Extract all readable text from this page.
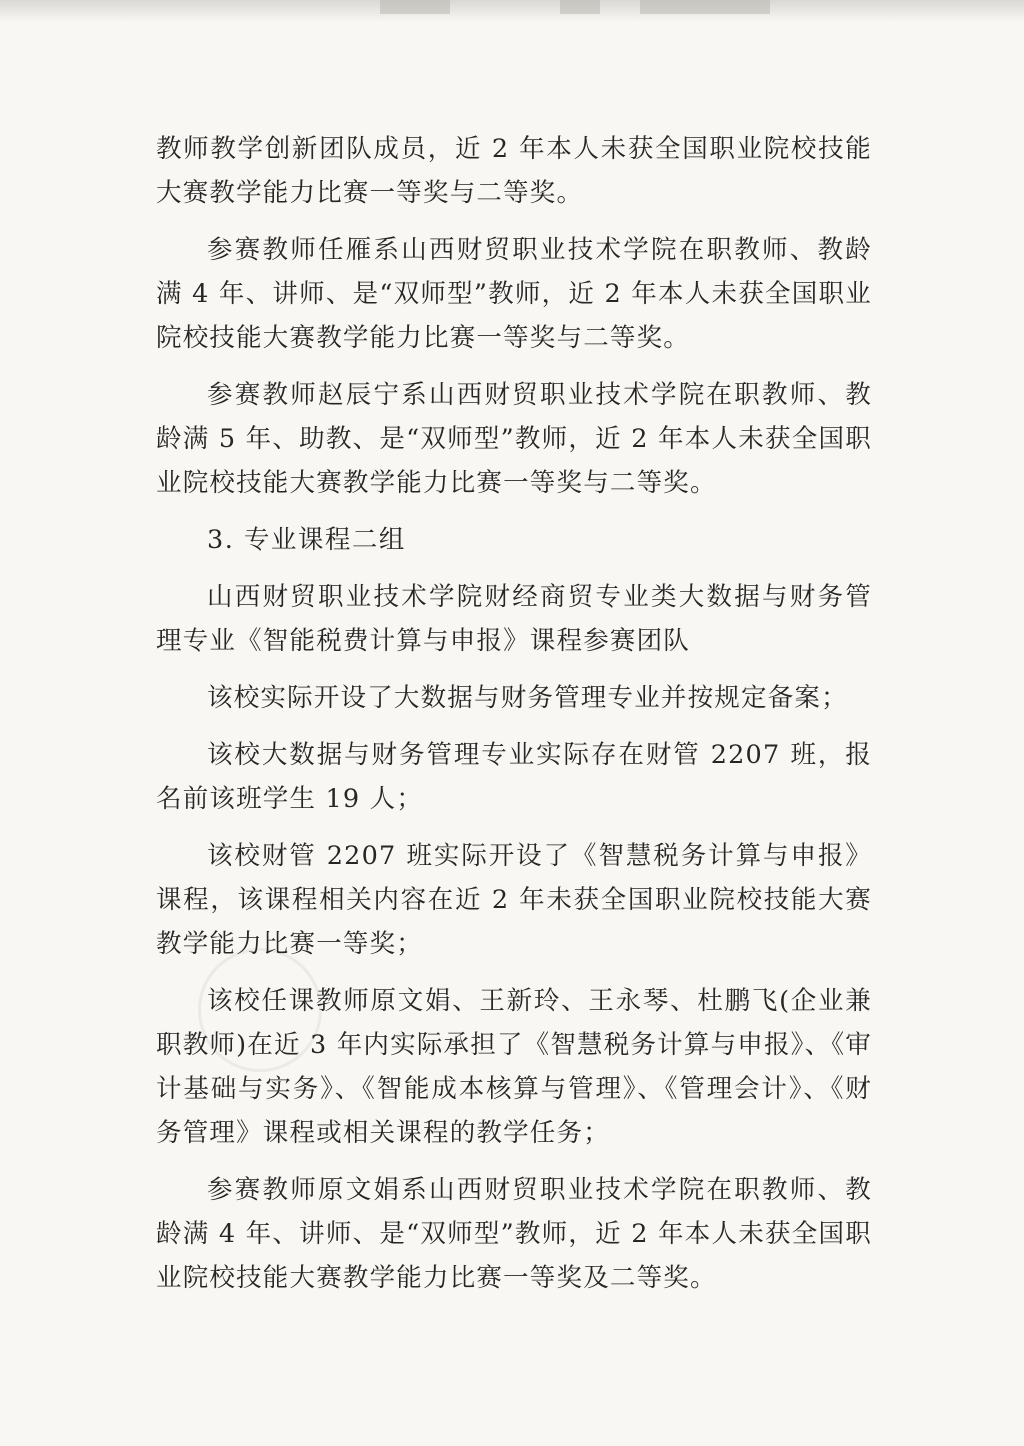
教师教学创新团队成员，近 2 年本人未获全国职业院校技能大赛教学能力比赛一等奖与二等奖。

参赛教师任雁系山西财贸职业技术学院在职教师、教龄满 4 年、讲师、是“双师型”教师，近 2 年本人未获全国职业院校技能大赛教学能力比赛一等奖与二等奖。

参赛教师赵辰宁系山西财贸职业技术学院在职教师、教龄满 5 年、助教、是“双师型”教师，近 2 年本人未获全国职业院校技能大赛教学能力比赛一等奖与二等奖。

3. 专业课程二组

山西财贸职业技术学院财经商贸专业类大数据与财务管理专业《智能税费计算与申报》课程参赛团队

该校实际开设了大数据与财务管理专业并按规定备案；

该校大数据与财务管理专业实际存在财管 2207 班，报名前该班学生 19 人；

该校财管 2207 班实际开设了《智慧税务计算与申报》课程，该课程相关内容在近 2 年未获全国职业院校技能大赛教学能力比赛一等奖；

该校任课教师原文娟、王新玲、王永琴、杜鹏飞(企业兼职教师)在近 3 年内实际承担了《智慧税务计算与申报》、《审计基础与实务》、《智能成本核算与管理》、《管理会计》、《财务管理》课程或相关课程的教学任务；

参赛教师原文娟系山西财贸职业技术学院在职教师、教龄满 4 年、讲师、是“双师型”教师，近 2 年本人未获全国职业院校技能大赛教学能力比赛一等奖及二等奖。
